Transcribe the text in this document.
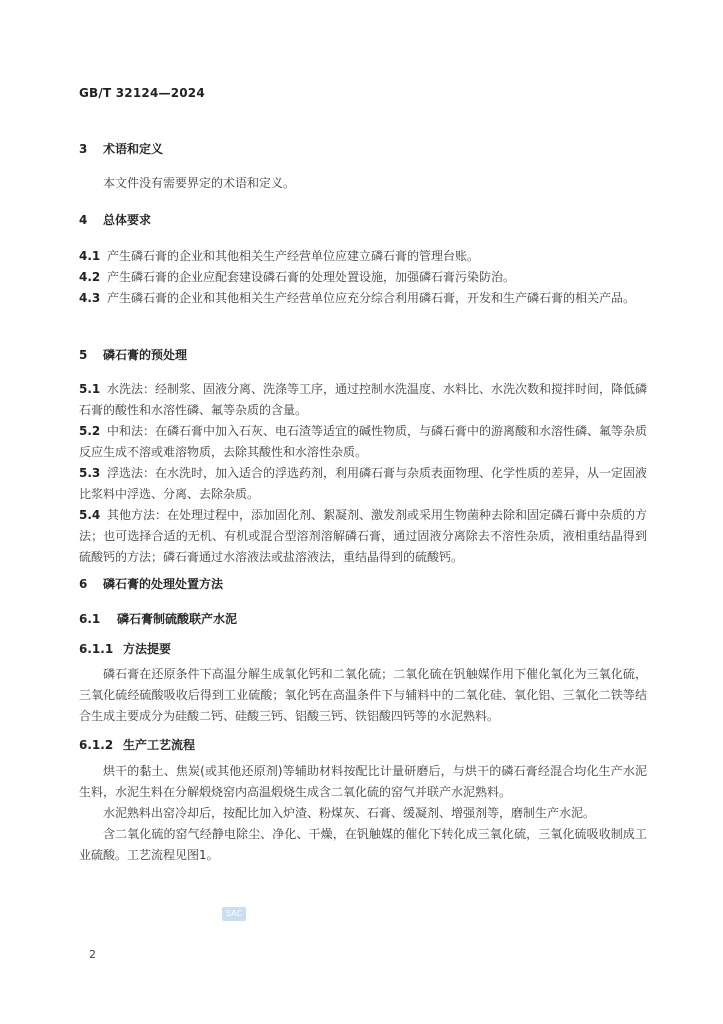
GB/T 32124—2024
3 术语和定义
本文件没有需要界定的术语和定义。
4 总体要求
4.1 产生磷石膏的企业和其他相关生产经营单位应建立磷石膏的管理台账。
4.2 产生磷石膏的企业应配套建设磷石膏的处理处置设施，加强磷石膏污染防治。
4.3 产生磷石膏的企业和其他相关生产经营单位应充分综合利用磷石膏，开发和生产磷石膏的相关产品。
5 磷石膏的预处理
5.1 水洗法：经制浆、固液分离、洗涤等工序，通过控制水洗温度、水料比、水洗次数和搅拌时间，降低磷石膏的酸性和水溶性磷、氟等杂质的含量。
5.2 中和法：在磷石膏中加入石灰、电石渣等适宜的碱性物质，与磷石膏中的游离酸和水溶性磷、氟等杂质反应生成不溶或难溶物质，去除其酸性和水溶性杂质。
5.3 浮选法：在水洗时，加入适合的浮选药剂，利用磷石膏与杂质表面物理、化学性质的差异，从一定固液比浆料中浮选、分离、去除杂质。
5.4 其他方法：在处理过程中，添加固化剂、絮凝剂、激发剂或采用生物菌种去除和固定磷石膏中杂质的方法；也可选择合适的无机、有机或混合型溶剂溶解磷石膏，通过固液分离除去不溶性杂质，液相重结晶得到硫酸钙的方法；磷石膏通过水溶液法或盐溶液法，重结晶得到的硫酸钙。
6 磷石膏的处理处置方法
6.1 磷石膏制硫酸联产水泥
6.1.1 方法提要
磷石膏在还原条件下高温分解生成氧化钙和二氧化硫；二氧化硫在钒触媒作用下催化氧化为三氧化硫，三氧化硫经硫酸吸收后得到工业硫酸；氧化钙在高温条件下与辅料中的二氧化硅、氧化铝、三氧化二铁等结合生成主要成分为硅酸二钙、硅酸三钙、铝酸三钙、铁铝酸四钙等的水泥熟料。
6.1.2 生产工艺流程
烘干的黏土、焦炭(或其他还原剂)等辅助材料按配比计量研磨后，与烘干的磷石膏经混合均化生产水泥生料，水泥生料在分解煅烧窑内高温煅烧生成含二氧化硫的窑气并联产水泥熟料。
水泥熟料出窑冷却后，按配比加入炉渣、粉煤灰、石膏、缓凝剂、增强剂等，磨制生产水泥。
含二氧化硫的窑气经静电除尘、净化、干燥，在钒触媒的催化下转化成三氧化硫，三氧化硫吸收制成工业硫酸。工艺流程见图1。
SAC
2
